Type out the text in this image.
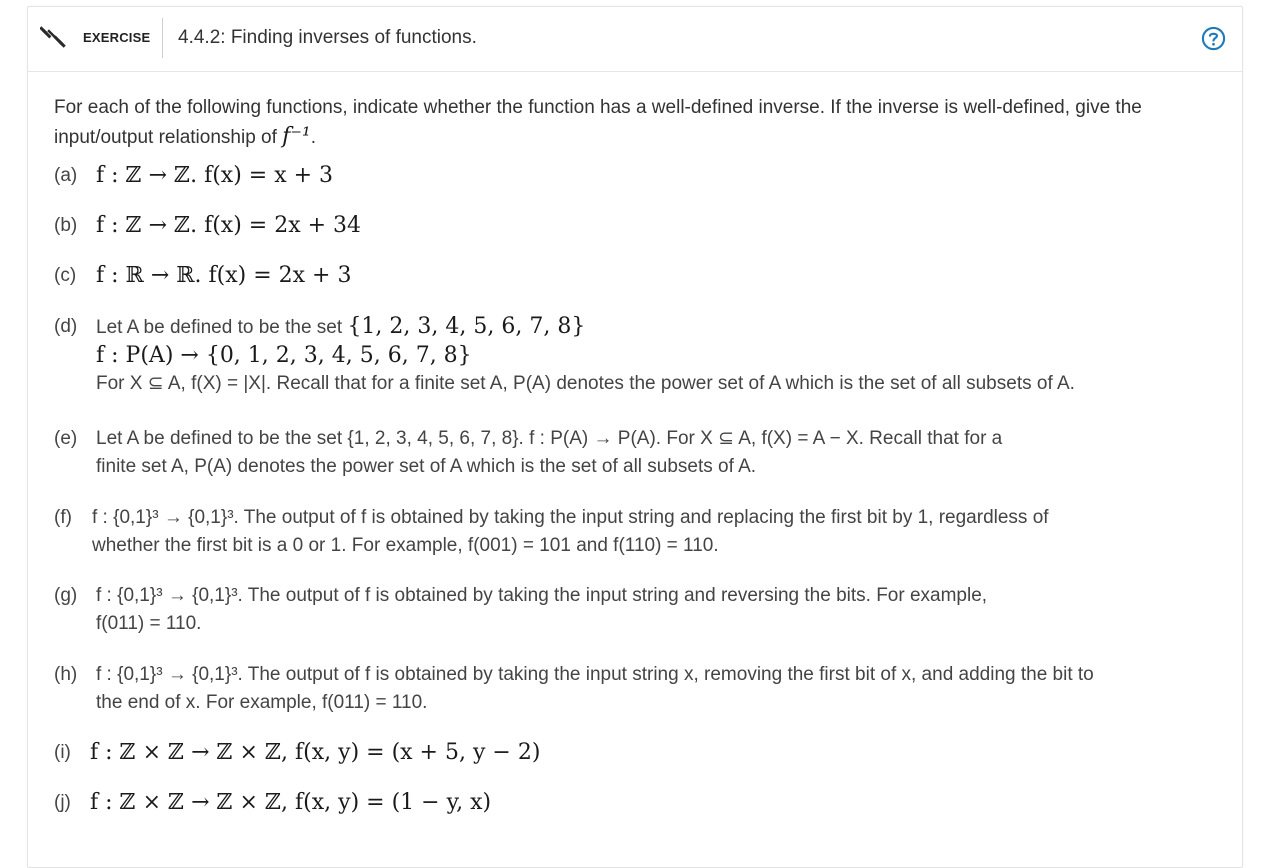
EXERCISE 4.4.2: Finding inverses of functions.
For each of the following functions, indicate whether the function has a well-defined inverse. If the inverse is well-defined, give the input/output relationship of f⁻¹.
(a) f : ℤ → ℤ. f(x) = x + 3
(b) f : ℤ → ℤ. f(x) = 2x + 34
(c) f : ℝ → ℝ. f(x) = 2x + 3
(d) Let A be defined to be the set {1, 2, 3, 4, 5, 6, 7, 8}
f : P(A) → {0, 1, 2, 3, 4, 5, 6, 7, 8}
For X ⊆ A, f(X) = |X|. Recall that for a finite set A, P(A) denotes the power set of A which is the set of all subsets of A.
(e) Let A be defined to be the set {1, 2, 3, 4, 5, 6, 7, 8}. f : P(A) → P(A). For X ⊆ A, f(X) = A − X. Recall that for a
finite set A, P(A) denotes the power set of A which is the set of all subsets of A.
(f) f : {0,1}³ → {0,1}³. The output of f is obtained by taking the input string and replacing the first bit by 1, regardless of
whether the first bit is a 0 or 1. For example, f(001) = 101 and f(110) = 110.
(g) f : {0,1}³ → {0,1}³. The output of f is obtained by taking the input string and reversing the bits. For example,
f(011) = 110.
(h) f : {0,1}³ → {0,1}³. The output of f is obtained by taking the input string x, removing the first bit of x, and adding the bit to
the end of x. For example, f(011) = 110.
(i) f : ℤ × ℤ → ℤ × ℤ, f(x, y) = (x + 5, y − 2)
(j) f : ℤ × ℤ → ℤ × ℤ, f(x, y) = (1 − y, x)
